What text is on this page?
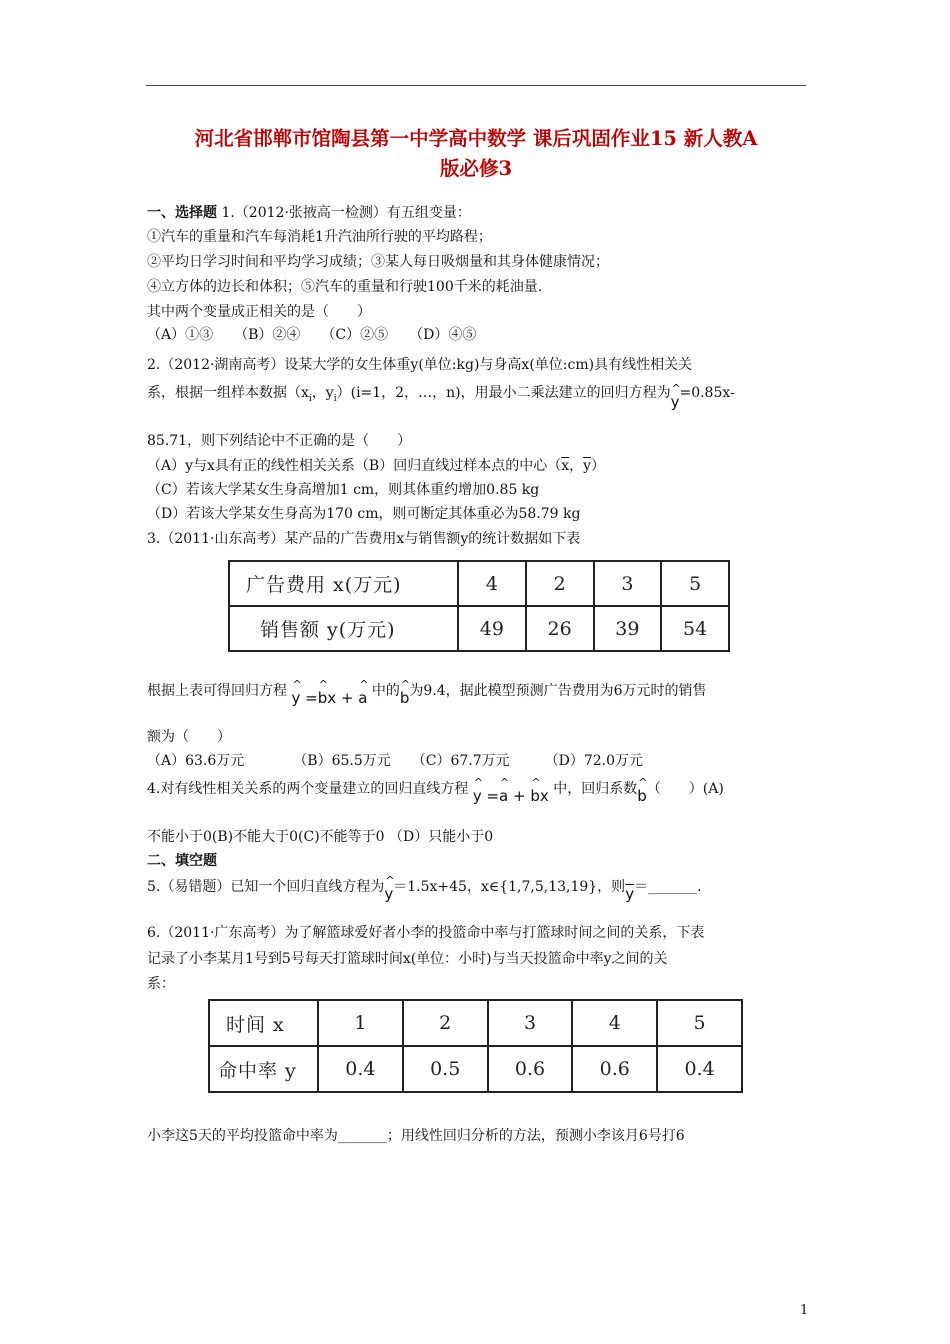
河北省邯郸市馆陶县第一中学高中数学 课后巩固作业15 新人教A
版必修3
一、选择题 1.（2012·张掖高一检测）有五组变量：
①汽车的重量和汽车每消耗1升汽油所行驶的平均路程；
②平均日学习时间和平均学习成绩；③某人每日吸烟量和其身体健康情况；
④立方体的边长和体积；⑤汽车的重量和行驶100千米的耗油量.
其中两个变量成正相关的是（　　）
（A）①③　　（B）②④　　（C）②⑤　　（D）④⑤
2.（2012·湖南高考）设某大学的女生体重y(单位:kg)与身高x(单位:cm)具有线性相关关
系，根据一组样本数据（$x_i$，$y_i)(i=1$，2，…，n)，用最小二乘法建立的回归方程为^ y=0.85x-
85.71，则下列结论中不正确的是（　　）
（A）y与x具有正的线性相关关系（B）回归直线过样本点的中心（$\overline{x}$，$\overline{y}$）
（C）若该大学某女生身高增加1 cm，则其体重约增加0.85 kg
（D）若该大学某女生身高为170 cm，则可断定其体重必为58.79 kg
3.（2011·山东高考）某产品的广告费用x与销售额y的统计数据如下表
广告费用 x(万元)	4	2	3	5
销售额 y(万元)	49	26	39	54
根据上表可得回归方程 ^ y =^ bx + ^ a 中的^ b为9.4，据此模型预测广告费用为6万元时的销售
额为（　　）
（A）63.6万元　　　　（B）65.5万元　　（C）67.7万元　　　（D）72.0万元
4.对有线性相关关系的两个变量建立的回归直线方程 ^ y =^ a + ^ bx 中，回归系数^ b（　　）(A)
不能小于0(B)不能大于0(C)不能等于0 （D）只能小于0
二、填空题
5.（易错题）已知一个回归直线方程为^ y＝1.5x+45，x∈{1,7,5,13,19}，则$\overline{y}=\_\_\_\_\_\_\_$.
6.（2011·广东高考）为了解篮球爱好者小李的投篮命中率与打篮球时间之间的关系，下表
记录了小李某月1号到5号每天打篮球时间x(单位：小时)与当天投篮命中率y之间的关
系：
时间 x	1	2	3	4	5
命中率 y	0.4	0.5	0.6	0.6	0.4
小李这5天的平均投篮命中率为_______；用线性回归分析的方法，预测小李该月6号打6
1
